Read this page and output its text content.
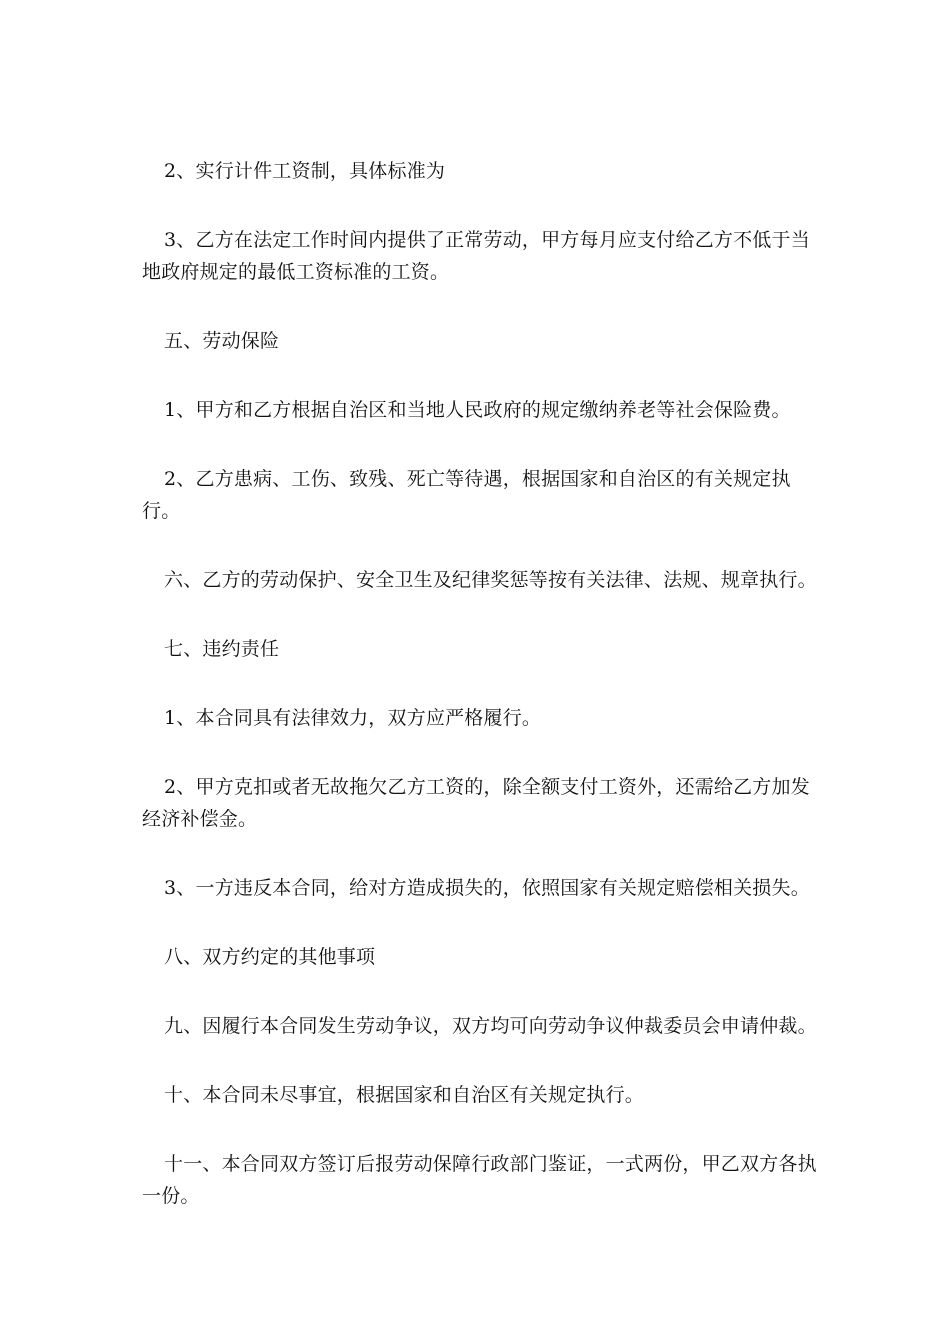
2、实行计件工资制，具体标准为

3、乙方在法定工作时间内提供了正常劳动，甲方每月应支付给乙方不低于当地政府规定的最低工资标准的工资。

五、劳动保险

1、甲方和乙方根据自治区和当地人民政府的规定缴纳养老等社会保险费。

2、乙方患病、工伤、致残、死亡等待遇，根据国家和自治区的有关规定执行。

六、乙方的劳动保护、安全卫生及纪律奖惩等按有关法律、法规、规章执行。

七、违约责任

1、本合同具有法律效力，双方应严格履行。

2、甲方克扣或者无故拖欠乙方工资的，除全额支付工资外，还需给乙方加发经济补偿金。

3、一方违反本合同，给对方造成损失的，依照国家有关规定赔偿相关损失。

八、双方约定的其他事项

九、因履行本合同发生劳动争议，双方均可向劳动争议仲裁委员会申请仲裁。

十、本合同未尽事宜，根据国家和自治区有关规定执行。

十一、本合同双方签订后报劳动保障行政部门鉴证，一式两份，甲乙双方各执一份。
